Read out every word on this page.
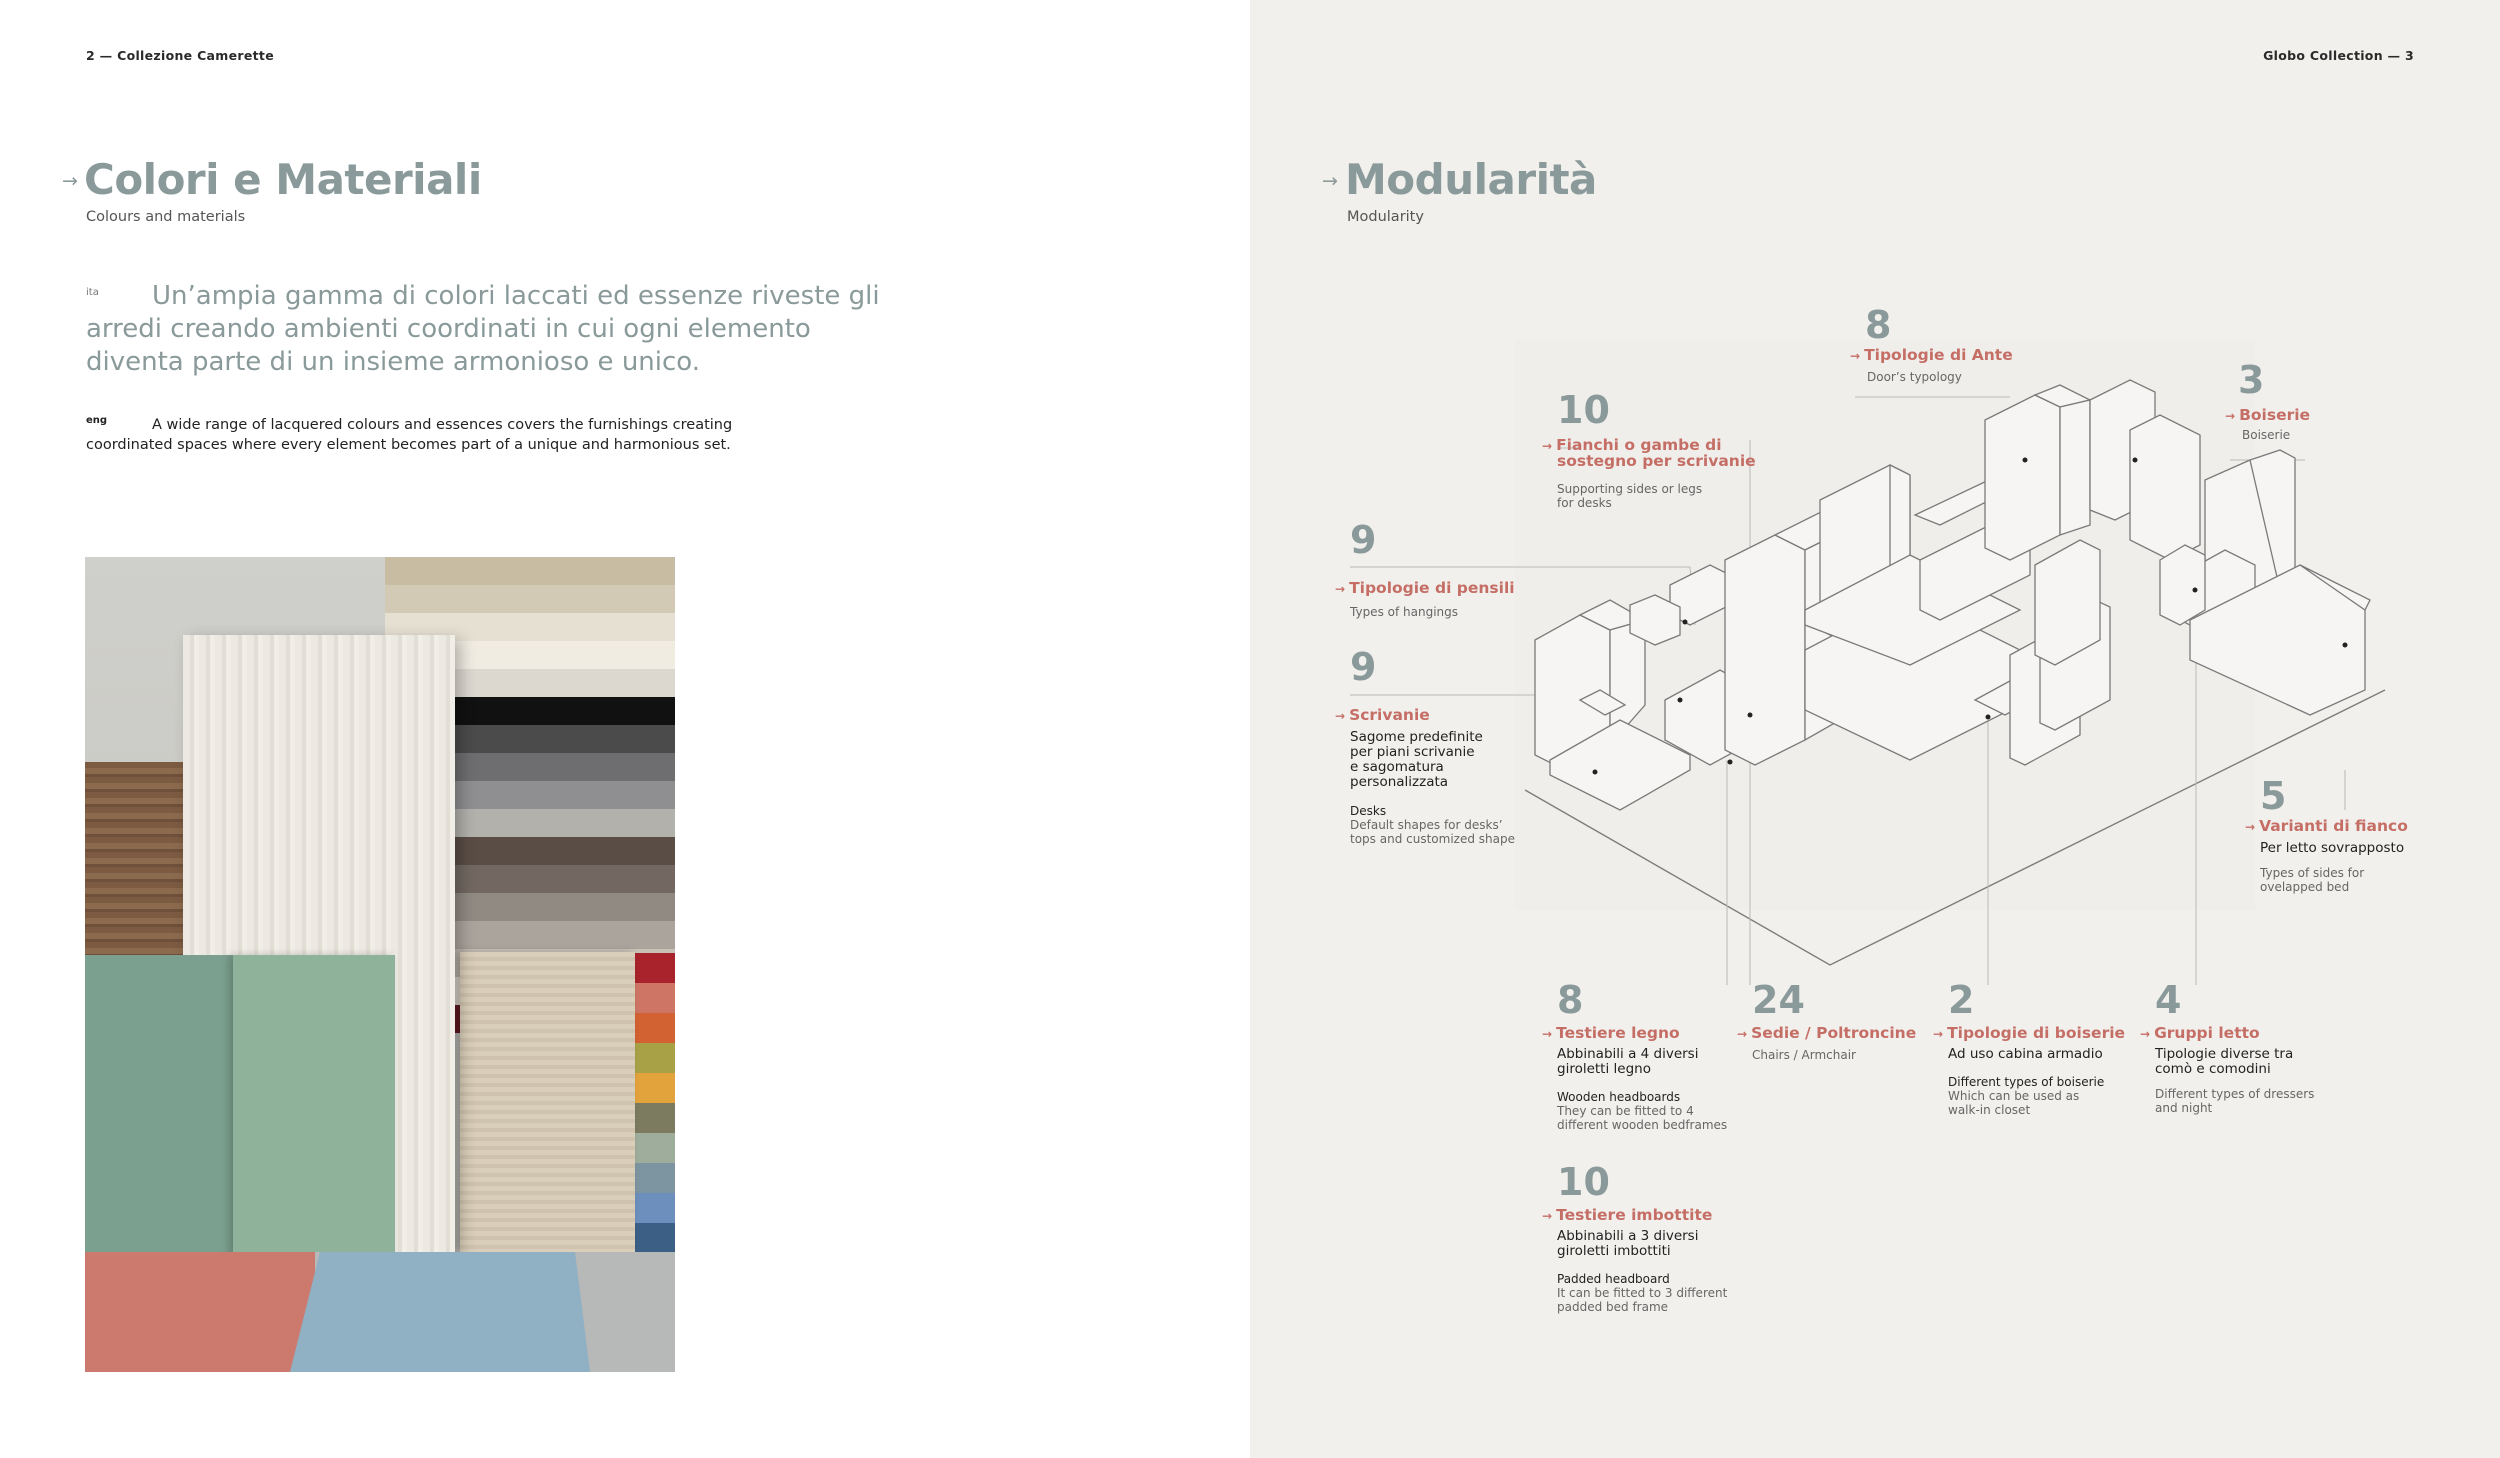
2 — Collezione Camerette
→ Colori e Materiali
Colours and materials
ita	Un’ampia gamma di colori laccati ed essenze riveste gli arredi creando ambienti coordinati in cui ogni elemento diventa parte di un insieme armonioso e unico.
eng	A wide range of lacquered colours and essences covers the furnishings creating coordinated spaces where every element becomes part of a unique and harmonious set.
Globo Collection — 3
→ Modularità
Modularity
8
→ Tipologie di Ante
Door’s typology	3
→ Boiserie
Boiserie
10
→ Fianchi o gambe di
sostegno per scrivanie
Supporting sides or legs
for desks
9
→ Tipologie di pensili
Types of hangings
9
→ Scrivanie
Sagome predefinite
per piani scrivanie
e sagomatura
personalizzata
Desks
Default shapes for desks’
tops and customized shape
5
→ Varianti di fianco
Per letto sovrapposto
Types of sides for
ovelapped bed
8
→ Testiere legno
Abbinabili a 4 diversi
giroletti legno
Wooden headboards
They can be fitted to 4
different wooden bedframes
24
→ Sedie / Poltroncine
Chairs / Armchair
2
→ Tipologie di boiserie
Ad uso cabina armadio
Different types of boiserie
Which can be used as
walk-in closet
4
→ Gruppi letto
Tipologie diverse tra
comò e comodini
Different types of dressers
and night
10
→ Testiere imbottite
Abbinabili a 3 diversi
giroletti imbottiti
Padded headboard
It can be fitted to 3 different
padded bed frame
